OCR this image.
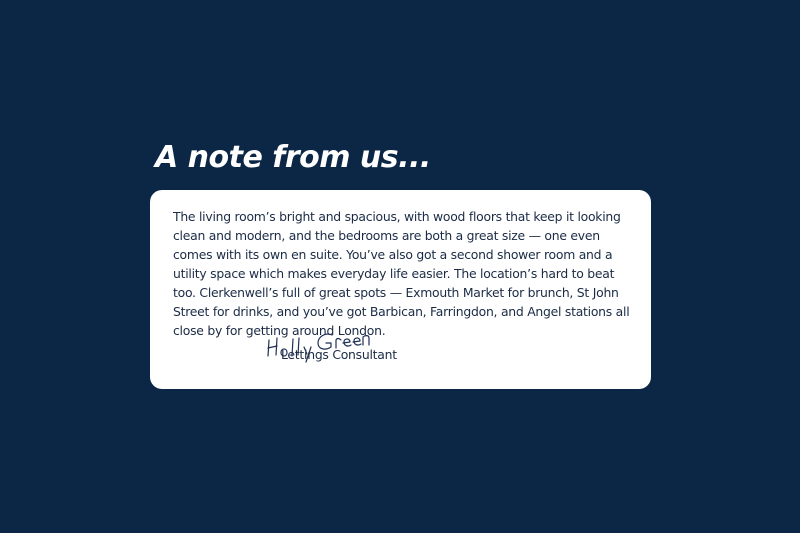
A note from us...

The living room’s bright and spacious, with wood floors that keep it looking clean and modern, and the bedrooms are both a great size — one even comes with its own en suite. You’ve also got a second shower room and a utility space which makes everyday life easier. The location’s hard to beat too. Clerkenwell’s full of great spots — Exmouth Market for brunch, St John Street for drinks, and you’ve got Barbican, Farringdon, and Angel stations all close by for getting around London.

Lettings Consultant
